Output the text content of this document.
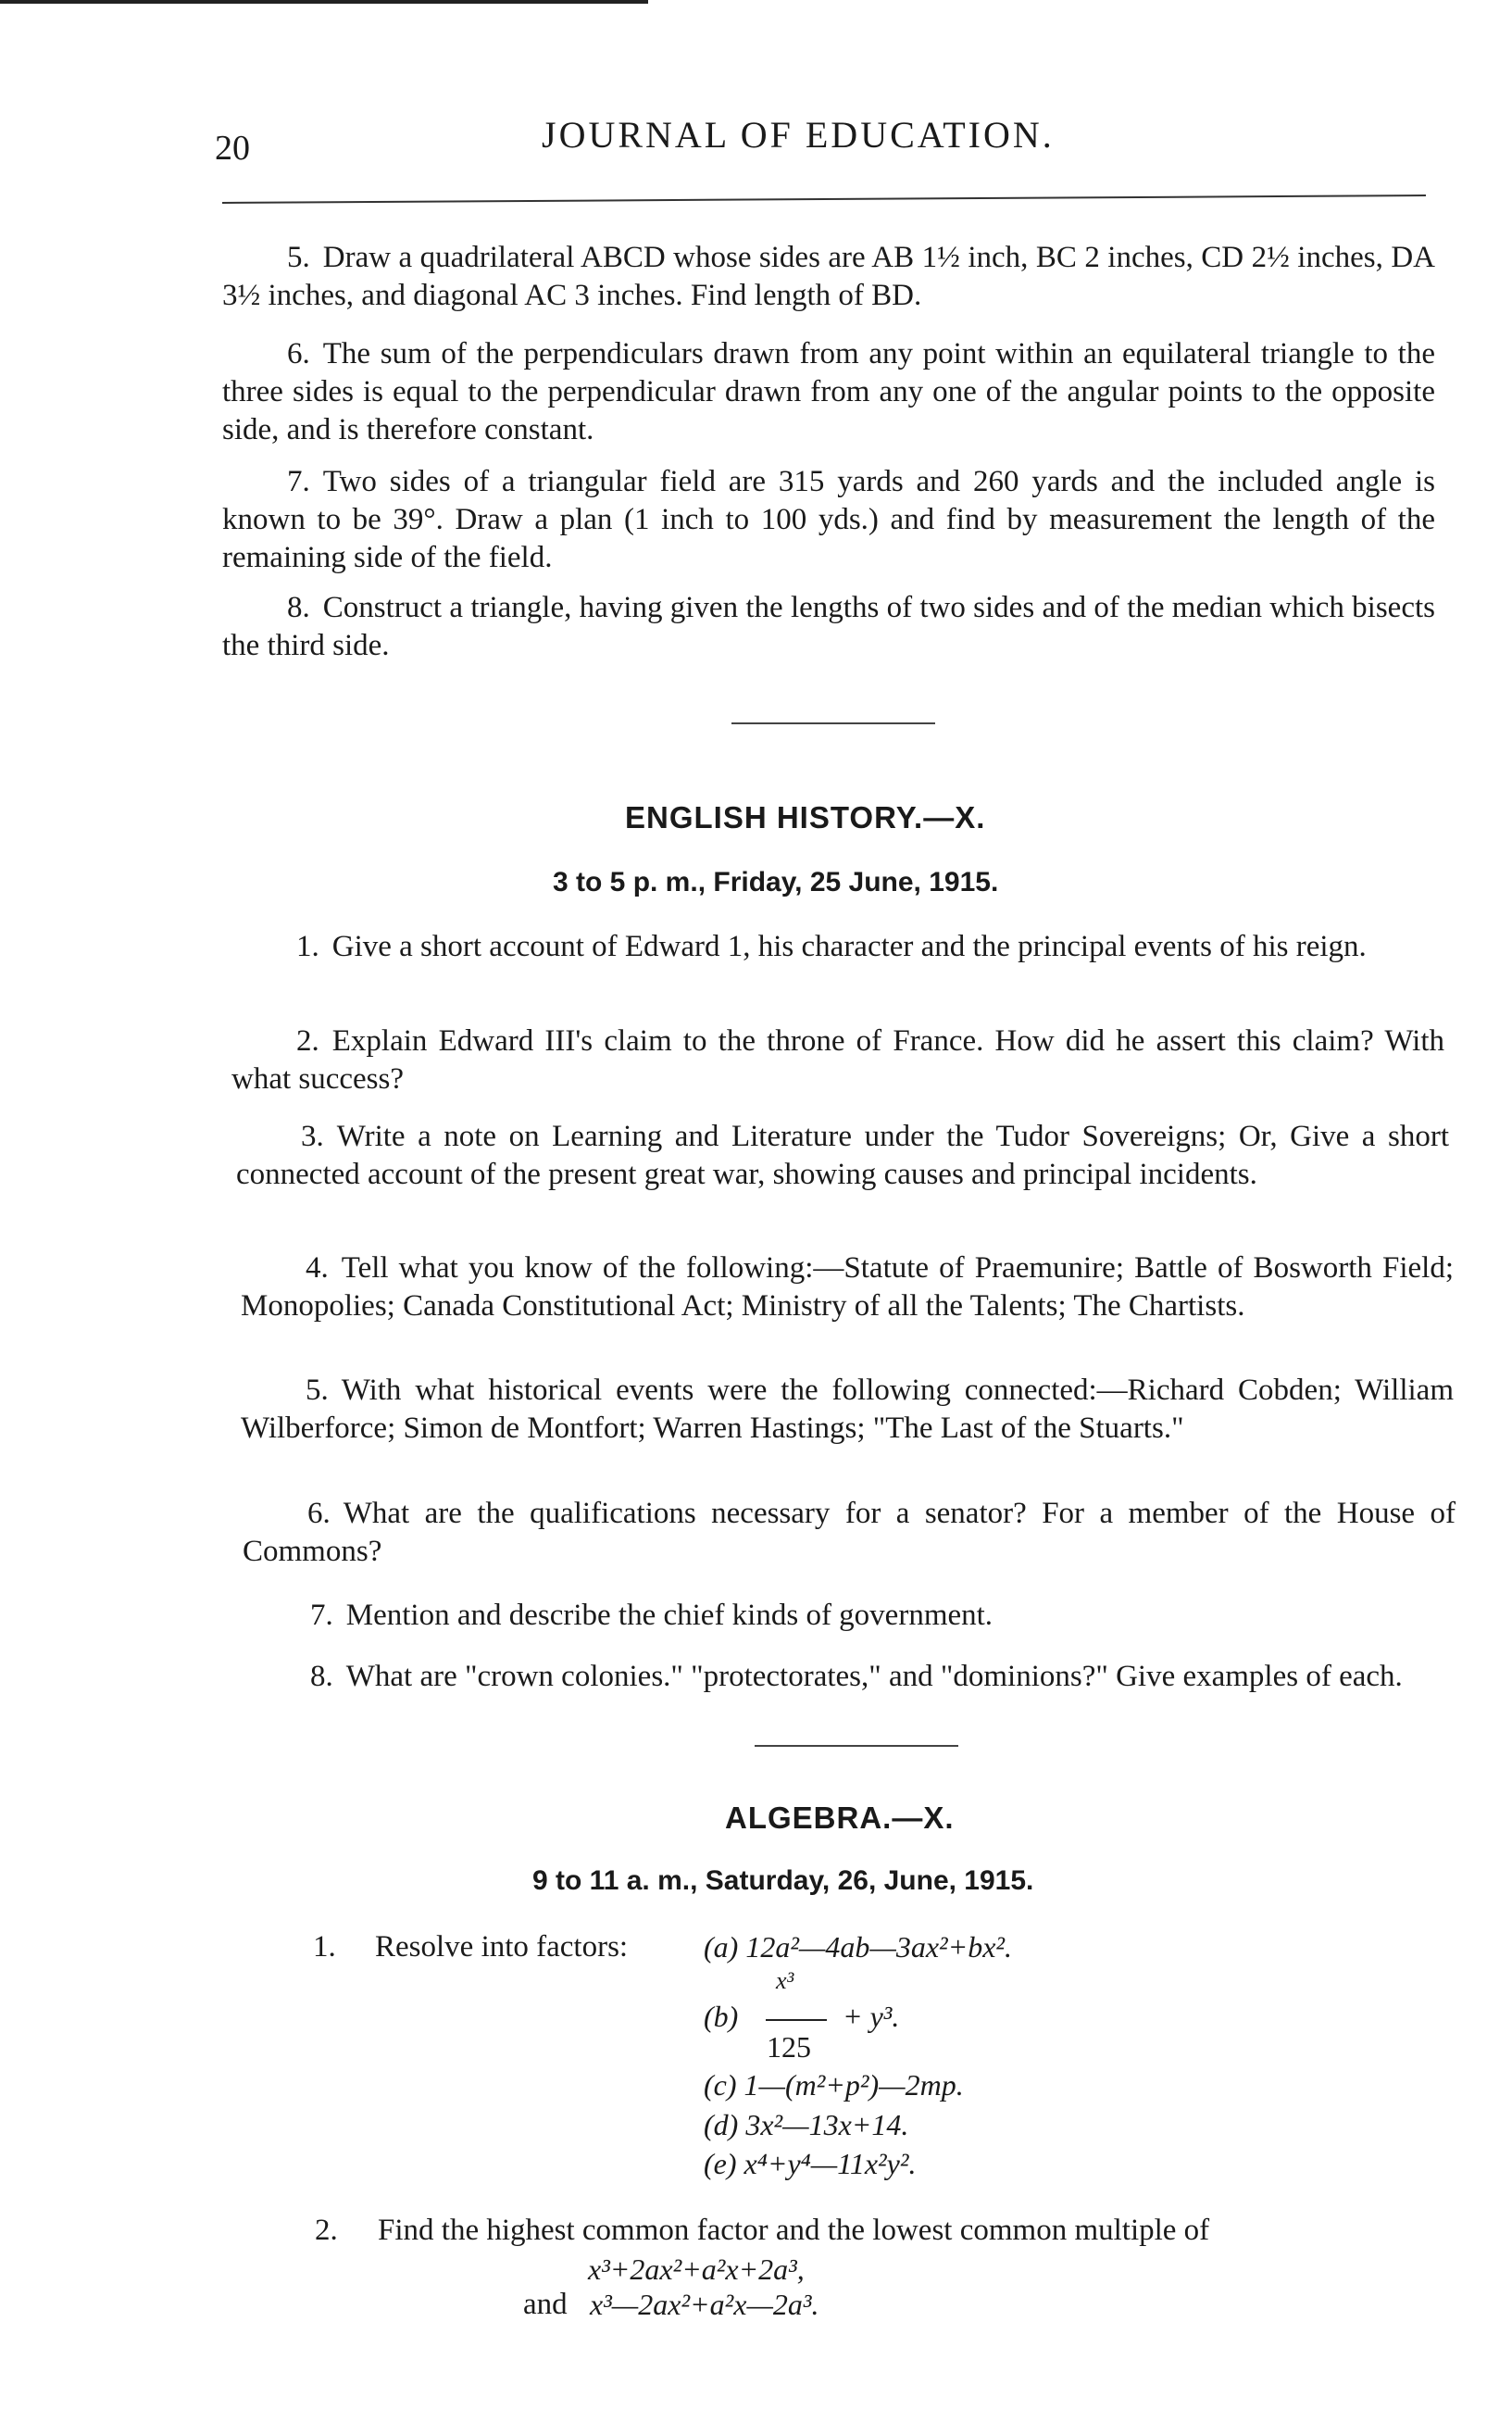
20	JOURNAL OF EDUCATION.
5. Draw a quadrilateral ABCD whose sides are AB 1½ inch, BC 2 inches, CD 2½ inches, DA 3½ inches, and diagonal AC 3 inches. Find length of BD.
6. The sum of the perpendiculars drawn from any point within an equilateral triangle to the three sides is equal to the perpendicular drawn from any one of the angular points to the opposite side, and is therefore constant.
7. Two sides of a triangular field are 315 yards and 260 yards and the included angle is known to be 39°. Draw a plan (1 inch to 100 yds.) and find by measurement the length of the remaining side of the field.
8. Construct a triangle, having given the lengths of two sides and of the median which bisects the third side.
ENGLISH HISTORY.—X.
3 to 5 p. m., Friday, 25 June, 1915.
1. Give a short account of Edward 1, his character and the principal events of his reign.
2. Explain Edward III's claim to the throne of France. How did he assert this claim? With what success?
3. Write a note on Learning and Literature under the Tudor Sovereigns; Or, Give a short connected account of the present great war, showing causes and principal incidents.
4. Tell what you know of the following:—Statute of Praemunire; Battle of Bosworth Field; Monopolies; Canada Constitutional Act; Ministry of all the Talents; The Chartists.
5. With what historical events were the following connected:—Richard Cobden; William Wilberforce; Simon de Montfort; Warren Hastings; "The Last of the Stuarts."
6. What are the qualifications necessary for a senator? For a member of the House of Commons?
7. Mention and describe the chief kinds of government.
8. What are "crown colonies." "protectorates," and "dominions?" Give examples of each.
ALGEBRA.—X.
9 to 11 a. m., Saturday, 26, June, 1915.
1. Resolve into factors:	(a) 12a²—4ab—3ax²+bx².
(b)
x³
125
+ y³.
(c) 1—(m²+p²)—2mp.
(d) 3x²—13x+14.
(e) x⁴+y⁴—11x²y².
2. Find the highest common factor and the lowest common multiple of
x³+2ax²+a²x+2a³,
and x³—2ax²+a²x—2a³.
